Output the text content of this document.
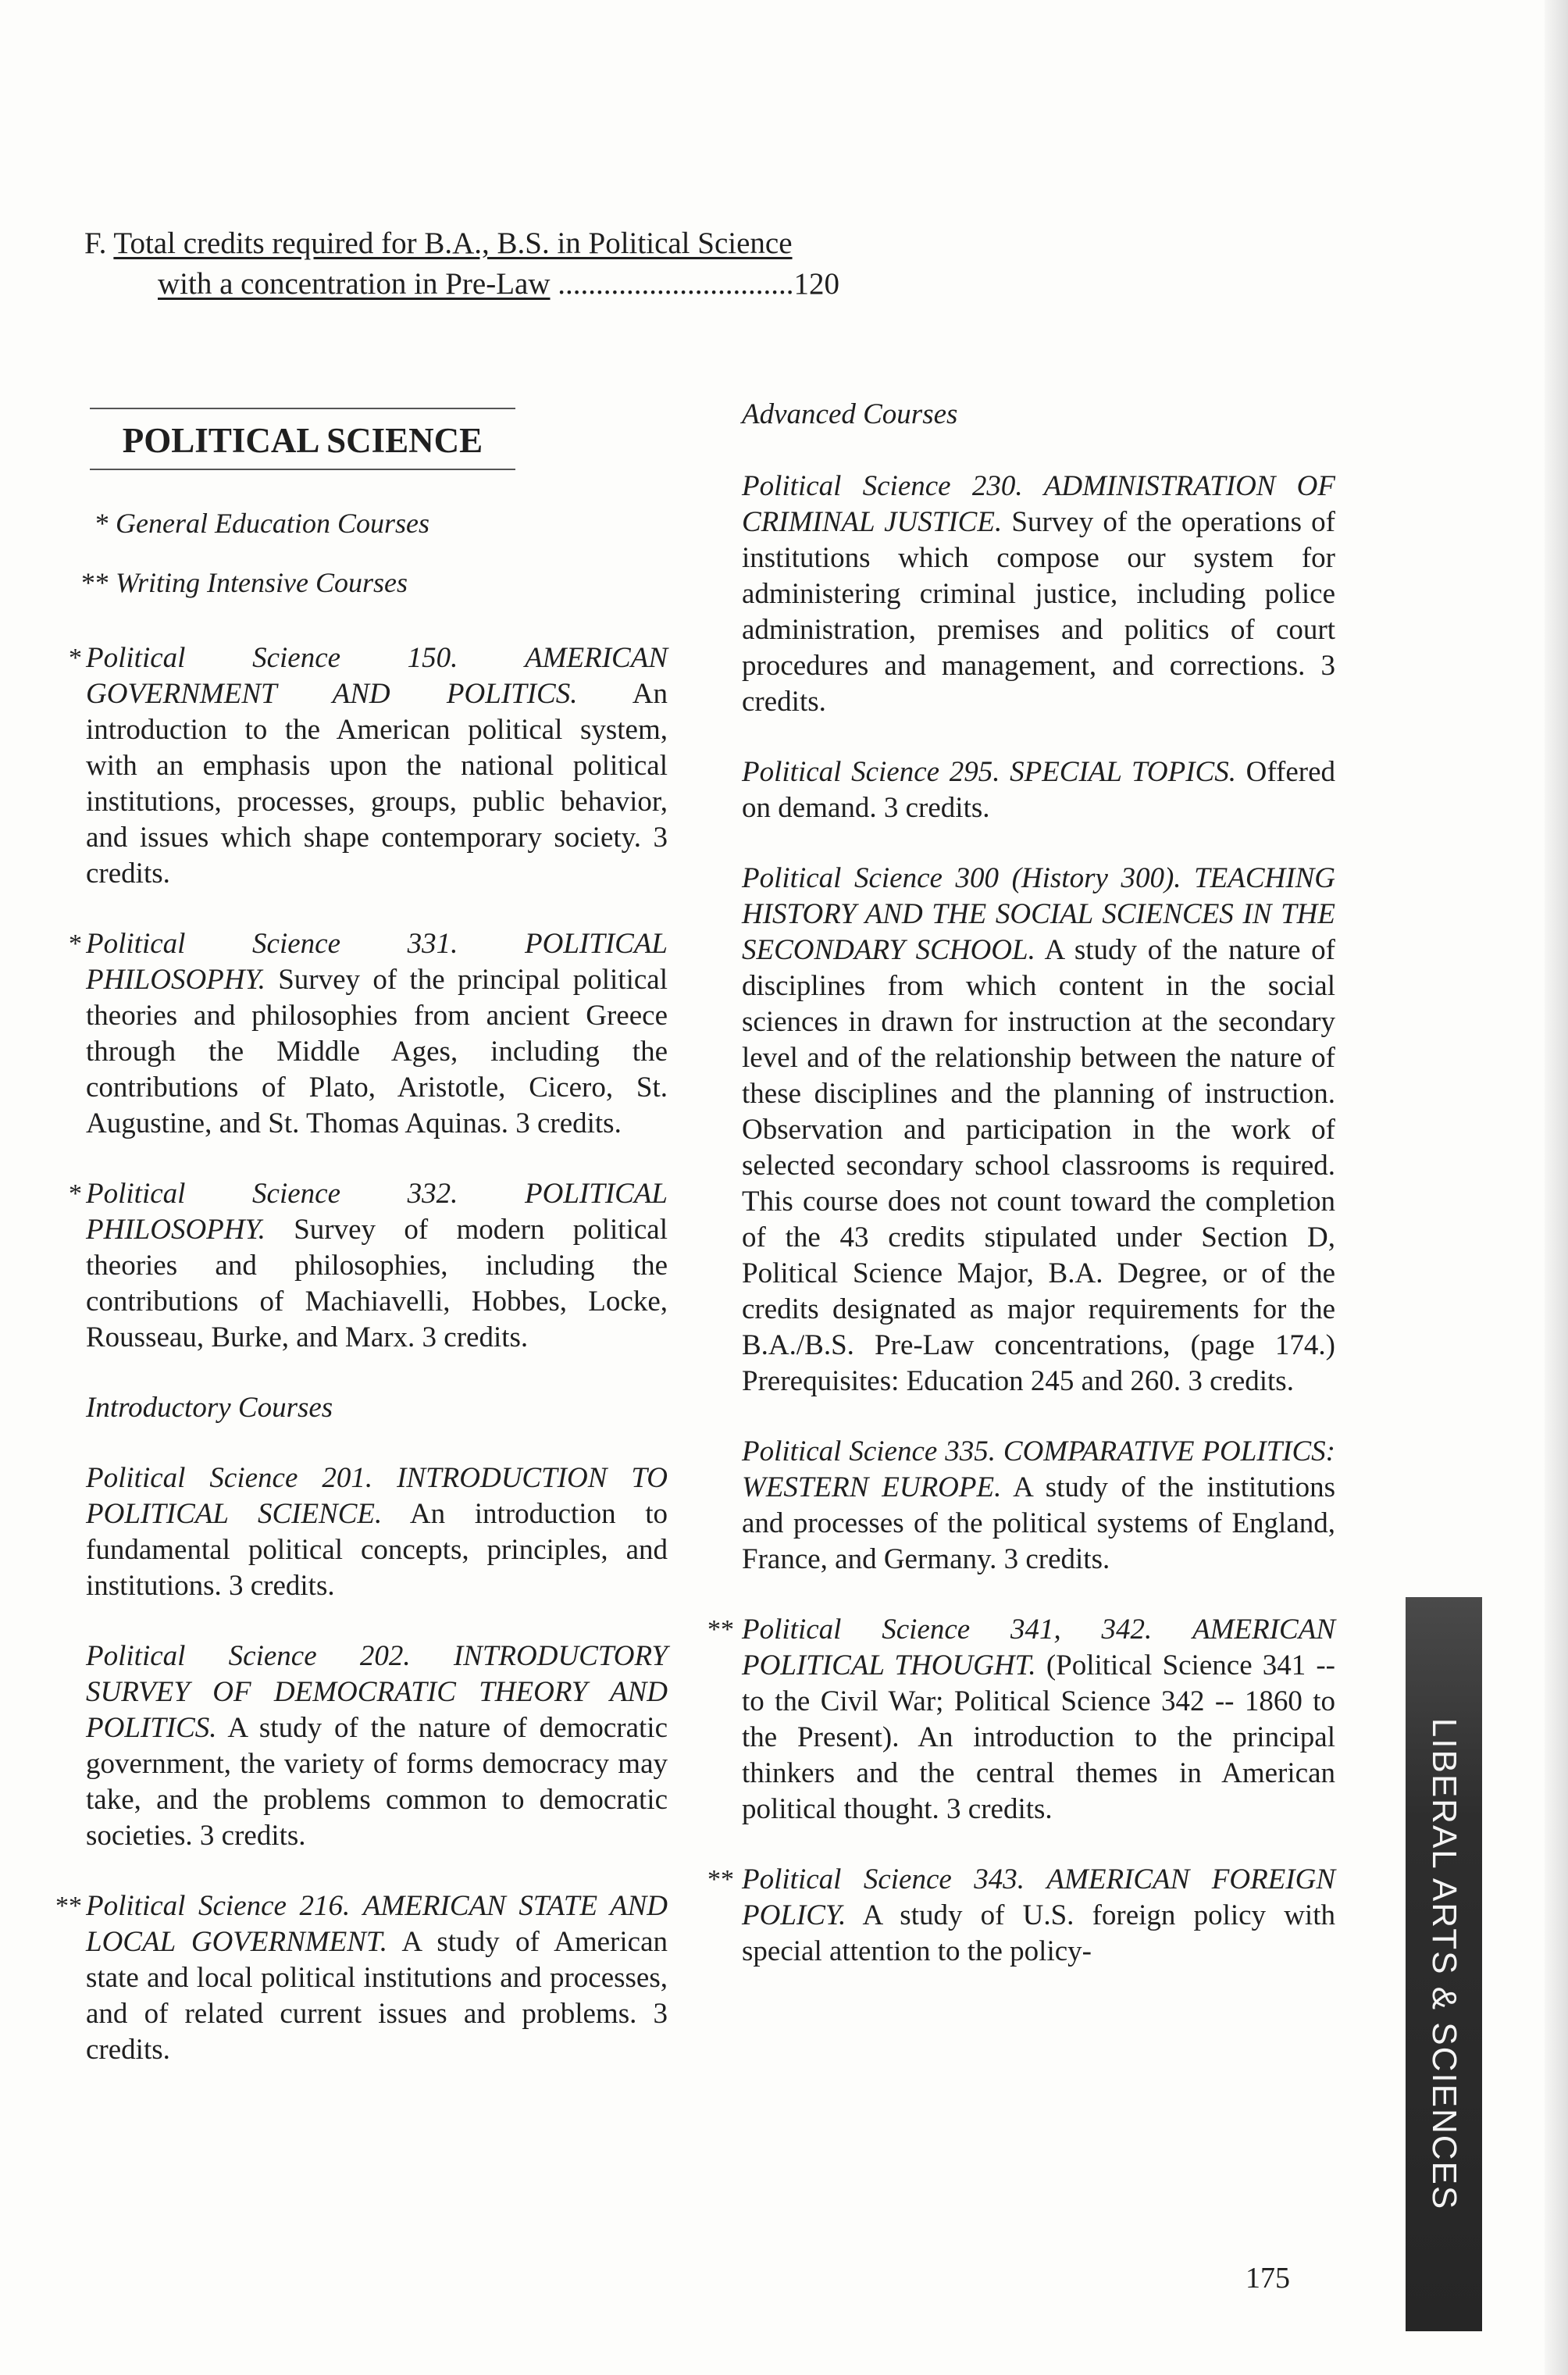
F. Total credits required for B.A., B.S. in Political Science
with a concentration in Pre-Law ...............................120
POLITICAL SCIENCE
* General Education Courses
** Writing Intensive Courses
* Political Science 150. AMERICAN GOVERNMENT AND POLITICS. An introduction to the American political system, with an emphasis upon the national political institutions, processes, groups, public behavior, and issues which shape contemporary society. 3 credits.
* Political Science 331. POLITICAL PHILOSOPHY. Survey of the principal political theories and philosophies from ancient Greece through the Middle Ages, including the contributions of Plato, Aristotle, Cicero, St. Augustine, and St. Thomas Aquinas. 3 credits.
* Political Science 332. POLITICAL PHILOSOPHY. Survey of modern political theories and philosophies, including the contributions of Machiavelli, Hobbes, Locke, Rousseau, Burke, and Marx. 3 credits.
Introductory Courses
Political Science 201. INTRODUCTION TO POLITICAL SCIENCE. An introduction to fundamental political concepts, principles, and institutions. 3 credits.
Political Science 202. INTRODUCTORY SURVEY OF DEMOCRATIC THEORY AND POLITICS. A study of the nature of democratic government, the variety of forms democracy may take, and the problems common to democratic societies. 3 credits.
** Political Science 216. AMERICAN STATE AND LOCAL GOVERNMENT. A study of American state and local political institutions and processes, and of related current issues and problems. 3 credits.
Advanced Courses
Political Science 230. ADMINISTRATION OF CRIMINAL JUSTICE. Survey of the operations of institutions which compose our system for administering criminal justice, including police administration, premises and politics of court procedures and management, and corrections. 3 credits.
Political Science 295. SPECIAL TOPICS. Offered on demand. 3 credits.
Political Science 300 (History 300). TEACHING HISTORY AND THE SOCIAL SCIENCES IN THE SECONDARY SCHOOL. A study of the nature of disciplines from which content in the social sciences in drawn for instruction at the secondary level and of the relationship between the nature of these disciplines and the planning of instruction. Observation and participation in the work of selected secondary school classrooms is required. This course does not count toward the completion of the 43 credits stipulated under Section D, Political Science Major, B.A. Degree, or of the credits designated as major requirements for the B.A./B.S. Pre-Law concentrations, (page 174.) Prerequisites: Education 245 and 260. 3 credits.
Political Science 335. COMPARATIVE POLITICS: WESTERN EUROPE. A study of the institutions and processes of the political systems of England, France, and Germany. 3 credits.
** Political Science 341, 342. AMERICAN POLITICAL THOUGHT. (Political Science 341 -- to the Civil War; Political Science 342 -- 1860 to the Present). An introduction to the principal thinkers and the central themes in American political thought. 3 credits.
** Political Science 343. AMERICAN FOREIGN POLICY. A study of U.S. foreign policy with special attention to the policy-	LIBERAL ARTS & SCIENCES
175
